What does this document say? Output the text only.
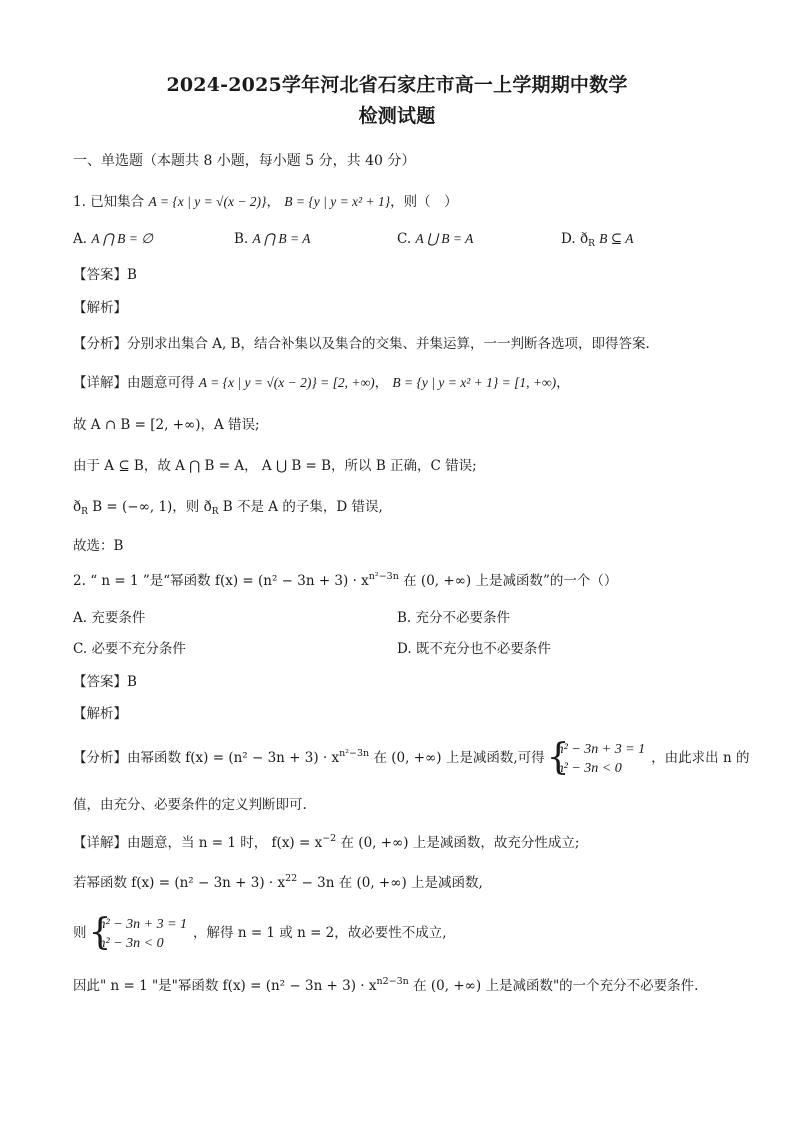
2024-2025学年河北省石家庄市高一上学期期中数学
检测试题
一、单选题（本题共 8 小题，每小题 5 分，共 40 分）
1. 已知集合 A = {x | y = √(x − 2)}， B = {y | y = x² + 1}，则（　）
A. A ⋂ B = ∅	B. A ⋂ B = A	C. A ⋃ B = A	D. $ð_R$ B ⊆ A
【答案】B
【解析】
【分析】分别求出集合 A, B，结合补集以及集合的交集、并集运算，一一判断各选项，即得答案.
【详解】由题意可得 A = {x | y = √(x − 2)} = [2, +∞)， B = {y | y = x² + 1} = [1, +∞)，
故 A ∩ B = [2, +∞)，A 错误;
由于 A ⊆ B，故 A ⋂ B = A， A ⋃ B = B，所以 B 正确，C 错误;
$ð_R$ B = (−∞, 1)，则 $ð_R$ B 不是 A 的子集，D 错误,
故选：B
2. “ n = 1 ”是“幂函数 $f(x) = (n^2 - 3n + 3) \cdot x^{n^2-3n}$ 在 (0, +∞) 上是减函数”的一个（）
A. 充要条件	B. 充分不必要条件
C. 必要不充分条件	D. 既不充分也不必要条件
【答案】B
【解析】
【分析】由幂函数 $f(x) = (n^2 - 3n + 3) \cdot x^{n^2-3n}$ 在 (0, +∞) 上是减函数,可得 {
n² − 3n + 3 = 1
n² − 3n < 0
，由此求出 n 的
值，由充分、必要条件的定义判断即可.
【详解】由题意，当 n = 1 时， $f(x) = x^{-2}$ 在 (0, +∞) 上是减函数，故充分性成立;
若幂函数 $f(x) = (n^2 - 3n + 3) \cdot x^{22} - 3n$ 在 (0, +∞) 上是减函数,
则 {
n² − 3n + 3 = 1
n² − 3n < 0
，解得 n = 1 或 n = 2，故必要性不成立,
因此" n = 1 "是"幂函数 $f(x) = (n^2 - 3n + 3) \cdot x^{n2-3n}$ 在 (0, +∞) 上是减函数"的一个充分不必要条件.
